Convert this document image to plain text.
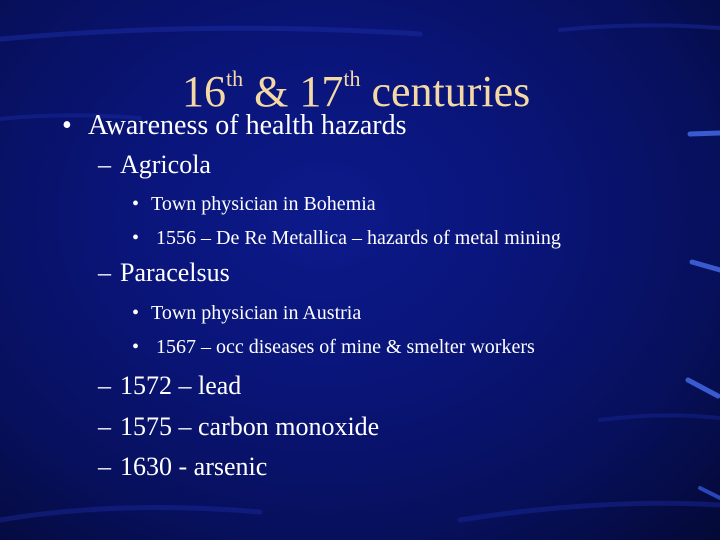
16th & 17th centuries

• Awareness of health hazards

– Agricola

• Town physician in Bohemia

• 1556 – De Re Metallica – hazards of metal mining

– Paracelsus

• Town physician in Austria

• 1567 – occ diseases of mine & smelter workers

– 1572 – lead

– 1575 – carbon monoxide

– 1630 - arsenic
